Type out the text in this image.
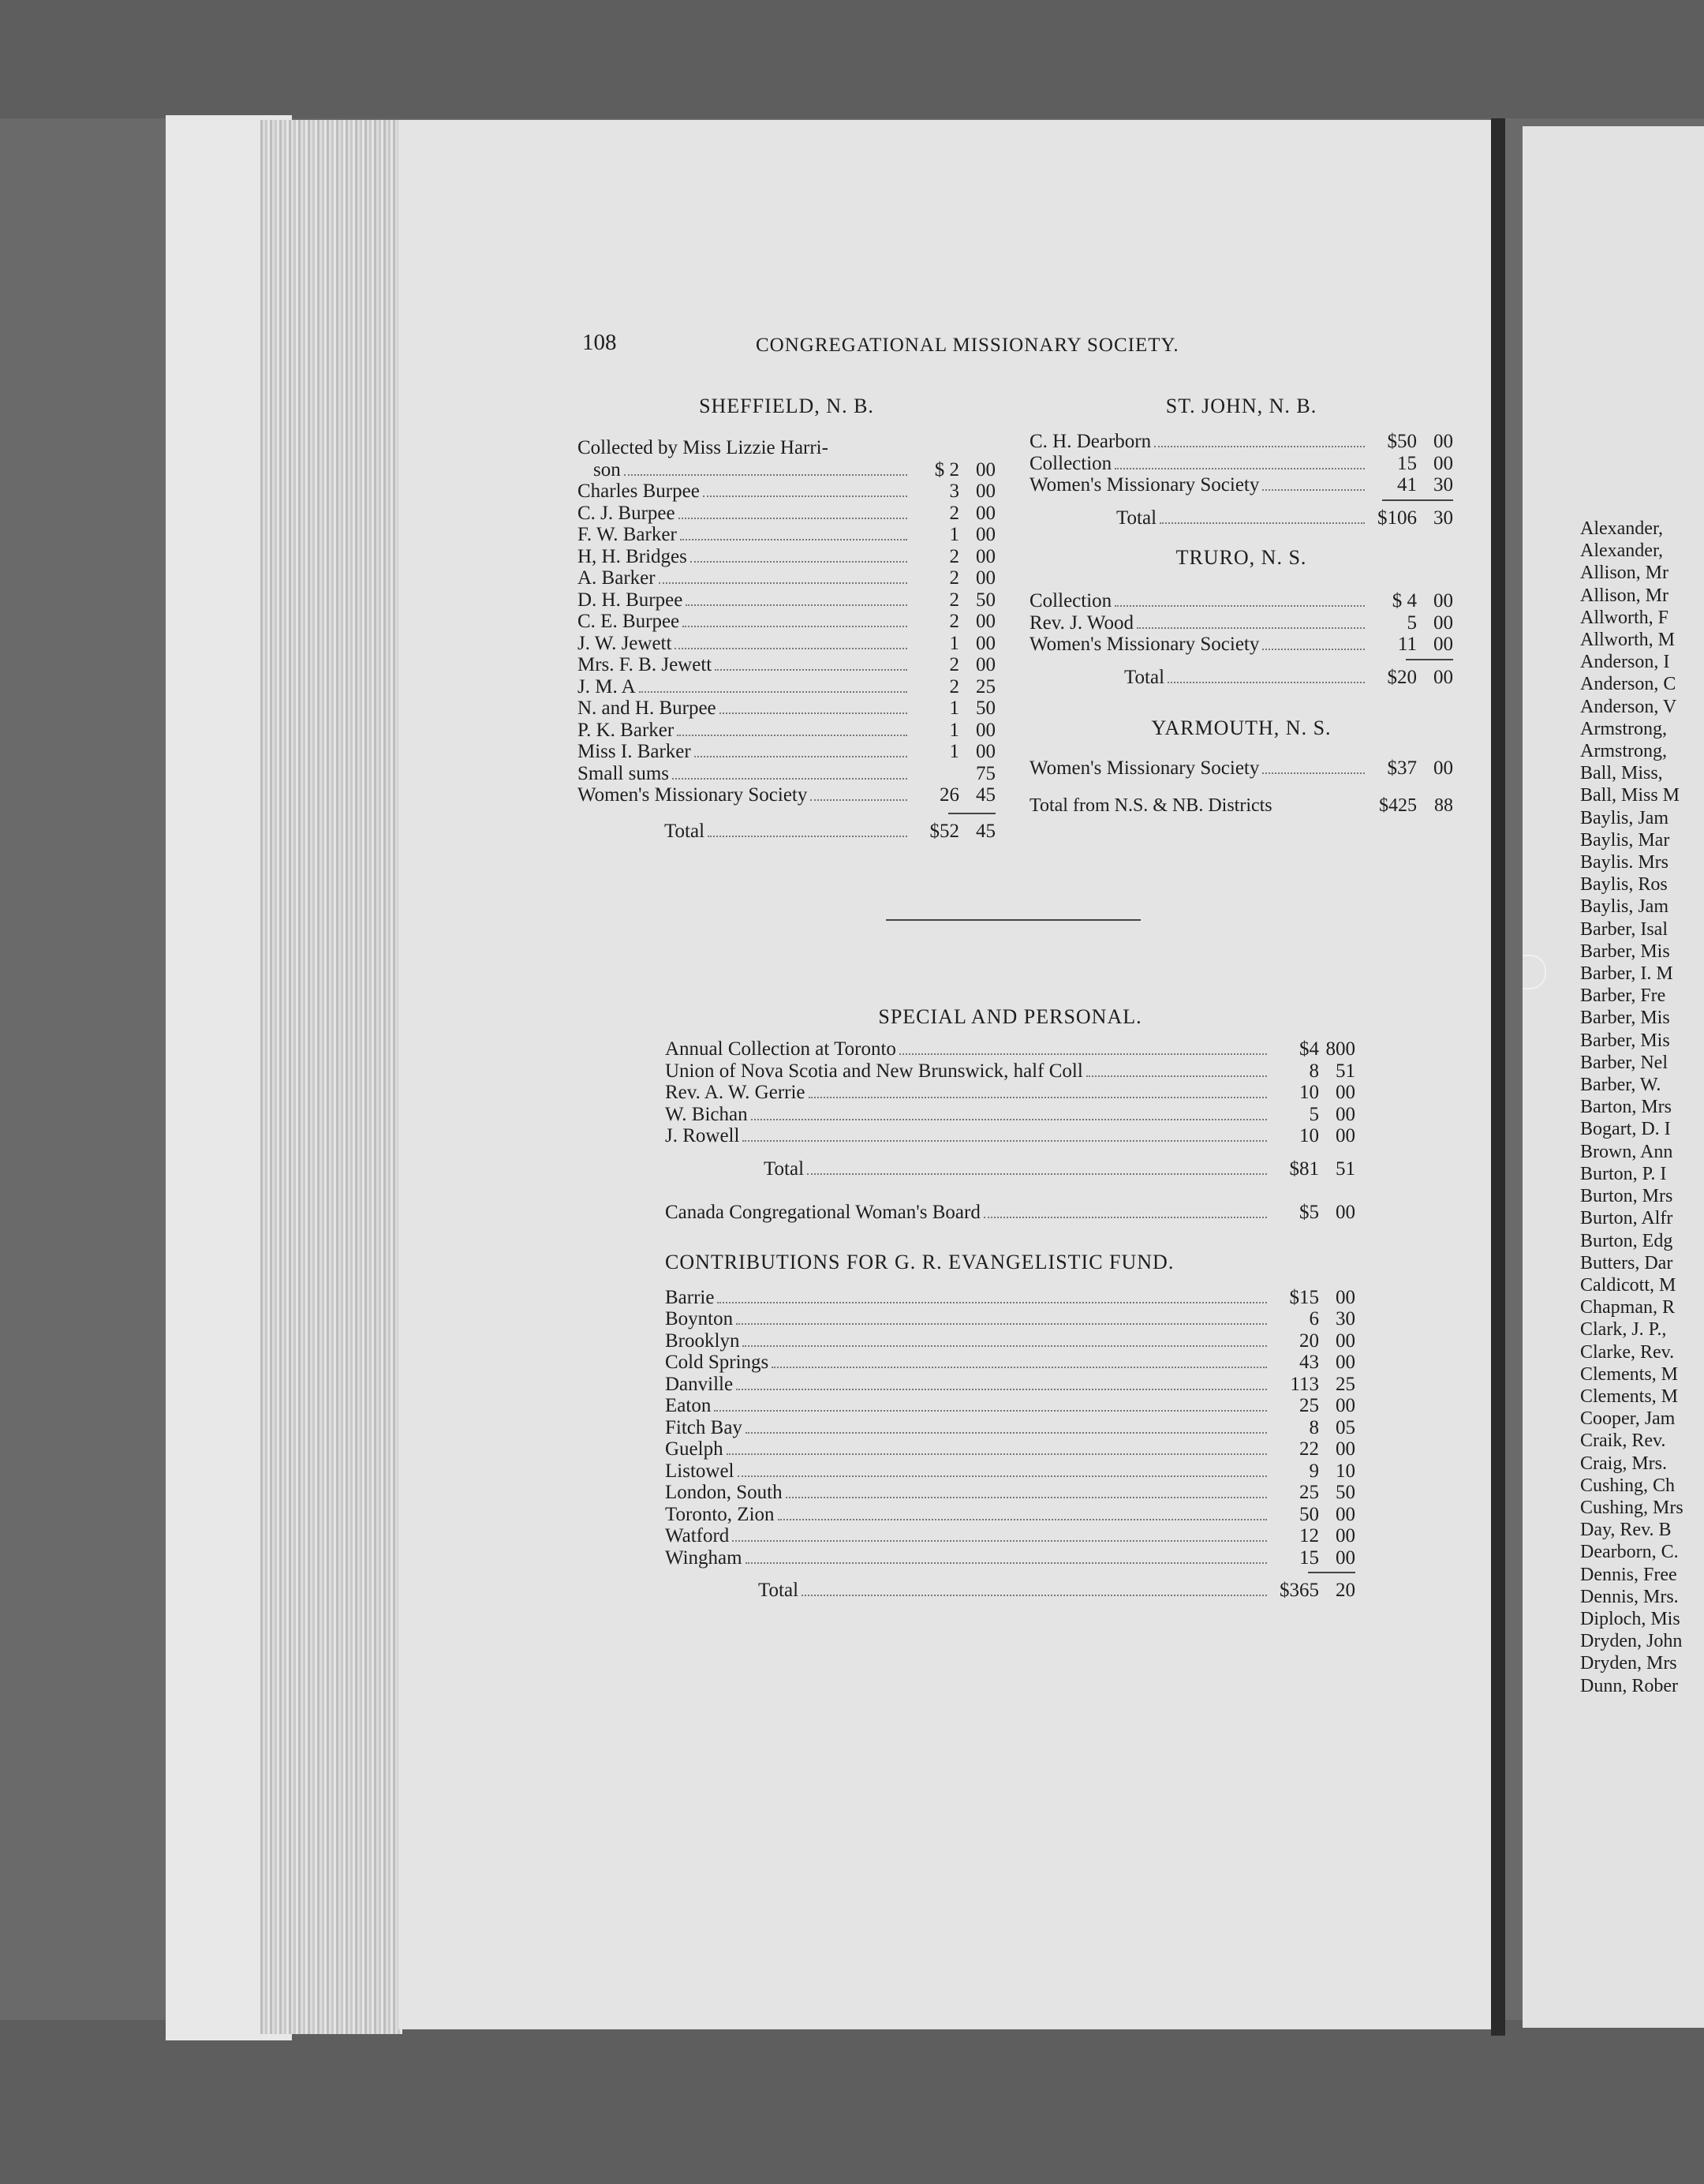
108	CONGREGATIONAL MISSIONARY SOCIETY.
SHEFFIELD, N. B.
Collected by Miss Lizzie Harri-
son	$ 2 00
Charles Burpee	3 00
C. J. Burpee	2 00
F. W. Barker	1 00
H, H. Bridges	2 00
A. Barker	2 00
D. H. Burpee	2 50
C. E. Burpee	2 00
J. W. Jewett	1 00
Mrs. F. B. Jewett	2 00
J. M. A	2 25
N. and H. Burpee	1 50
P. K. Barker	1 00
Miss I. Barker	1 00
Small sums	75
Women's Missionary Society	26 45
Total	$52 45
ST. JOHN, N. B.
C. H. Dearborn	$50 00
Collection	15 00
Women's Missionary Society	41 30
Total	$106 30
TRURO, N. S.
Collection	$ 4 00
Rev. J. Wood	5 00
Women's Missionary Society	11 00
Total	$20 00
YARMOUTH, N. S.
Women's Missionary Society	$37 00
Total from N.S. & NB. Districts	$425 88
SPECIAL AND PERSONAL.
Annual Collection at Toronto	$4 800
Union of Nova Scotia and New Brunswick, half Coll	8 51
Rev. A. W. Gerrie	10 00
W. Bichan	5 00
J. Rowell	10 00
Total	$81 51
Canada Congregational Woman's Board	$5 00
CONTRIBUTIONS FOR G. R. EVANGELISTIC FUND.
Barrie	$15 00
Boynton	6 30
Brooklyn	20 00
Cold Springs	43 00
Danville	113 25
Eaton	25 00
Fitch Bay	8 05
Guelph	22 00
Listowel	9 10
London, South	25 50
Toronto, Zion	50 00
Watford	12 00
Wingham	15 00
Total	$365 20
Alexander,
Alexander,
Allison, Mr
Allison, Mr
Allworth, F
Allworth, M
Anderson, I
Anderson, C
Anderson, V
Armstrong,
Armstrong,
Ball, Miss,
Ball, Miss M
Baylis, Jam
Baylis, Mar
Baylis. Mrs
Baylis, Ros
Baylis, Jam
Barber, Isal
Barber, Mis
Barber, I. M
Barber, Fre
Barber, Mis
Barber, Mis
Barber, Nel
Barber, W.
Barton, Mrs
Bogart, D. I
Brown, Ann
Burton, P. I
Burton, Mrs
Burton, Alfr
Burton, Edg
Butters, Dar
Caldicott, M
Chapman, R
Clark, J. P.,
Clarke, Rev.
Clements, M
Clements, M
Cooper, Jam
Craik, Rev.
Craig, Mrs.
Cushing, Ch
Cushing, Mrs
Day, Rev. B
Dearborn, C.
Dennis, Free
Dennis, Mrs.
Diploch, Mis
Dryden, John
Dryden, Mrs
Dunn, Rober
